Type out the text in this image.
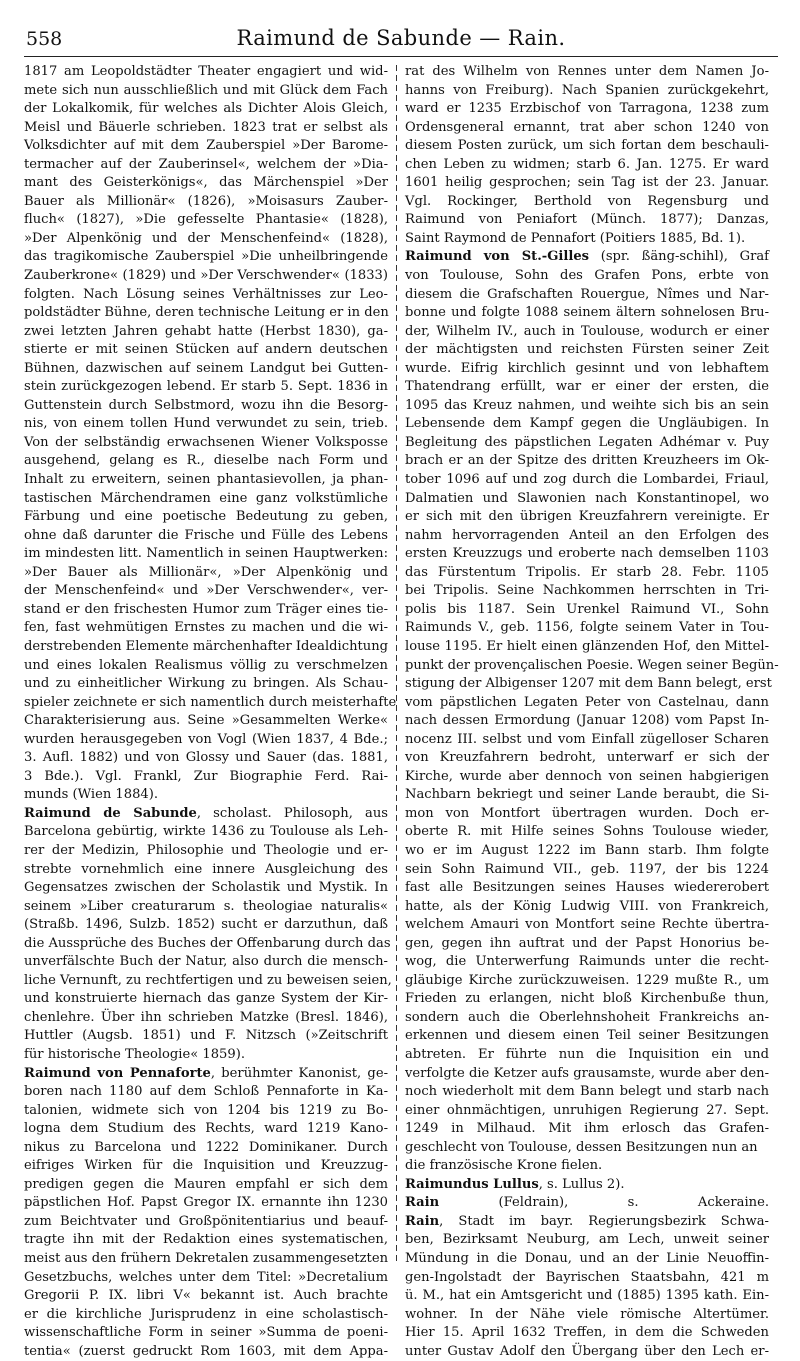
558	Raimund de Sabunde — Rain.
1817 am Leopoldstädter Theater engagiert und wid-
mete sich nun ausschließlich und mit Glück dem Fach
der Lokalkomik, für welches als Dichter Alois Gleich,
Meisl und Bäuerle schrieben. 1823 trat er selbst als
Volksdichter auf mit dem Zauberspiel »Der Barome-
termacher auf der Zauberinsel«, welchem der »Dia-
mant des Geisterkönigs«, das Märchenspiel »Der
Bauer als Millionär« (1826), »Moisasurs Zauber-
fluch« (1827), »Die gefesselte Phantasie« (1828),
»Der Alpenkönig und der Menschenfeind« (1828),
das tragikomische Zauberspiel »Die unheilbringende
Zauberkrone« (1829) und »Der Verschwender« (1833)
folgten. Nach Lösung seines Verhältnisses zur Leo-
poldstädter Bühne, deren technische Leitung er in den
zwei letzten Jahren gehabt hatte (Herbst 1830), ga-
stierte er mit seinen Stücken auf andern deutschen
Bühnen, dazwischen auf seinem Landgut bei Gutten-
stein zurückgezogen lebend. Er starb 5. Sept. 1836 in
Guttenstein durch Selbstmord, wozu ihn die Besorg-
nis, von einem tollen Hund verwundet zu sein, trieb.
Von der selbständig erwachsenen Wiener Volksposse
ausgehend, gelang es R., dieselbe nach Form und
Inhalt zu erweitern, seinen phantasievollen, ja phan-
tastischen Märchendramen eine ganz volkstümliche
Färbung und eine poetische Bedeutung zu geben,
ohne daß darunter die Frische und Fülle des Lebens
im mindesten litt. Namentlich in seinen Hauptwerken:
»Der Bauer als Millionär«, »Der Alpenkönig und
der Menschenfeind« und »Der Verschwender«, ver-
stand er den frischesten Humor zum Träger eines tie-
fen, fast wehmütigen Ernstes zu machen und die wi-
derstrebenden Elemente märchenhafter Idealdichtung
und eines lokalen Realismus völlig zu verschmelzen
und zu einheitlicher Wirkung zu bringen. Als Schau-
spieler zeichnete er sich namentlich durch meisterhafte
Charakterisierung aus. Seine »Gesammelten Werke«
wurden herausgegeben von Vogl (Wien 1837, 4 Bde.;
3. Aufl. 1882) und von Glossy und Sauer (das. 1881,
3 Bde.). Vgl. Frankl, Zur Biographie Ferd. Rai-
munds (Wien 1884).
Raimund de Sabunde, scholast. Philosoph, aus
Barcelona gebürtig, wirkte 1436 zu Toulouse als Leh-
rer der Medizin, Philosophie und Theologie und er-
strebte vornehmlich eine innere Ausgleichung des
Gegensatzes zwischen der Scholastik und Mystik. In
seinem »Liber creaturarum s. theologiae naturalis«
(Straßb. 1496, Sulzb. 1852) sucht er darzuthun, daß
die Aussprüche des Buches der Offenbarung durch das
unverfälschte Buch der Natur, also durch die mensch-
liche Vernunft, zu rechtfertigen und zu beweisen seien,
und konstruierte hiernach das ganze System der Kir-
chenlehre. Über ihn schrieben Matzke (Bresl. 1846),
Huttler (Augsb. 1851) und F. Nitzsch (»Zeitschrift
für historische Theologie« 1859).
Raimund von Pennaforte, berühmter Kanonist, ge-
boren nach 1180 auf dem Schloß Pennaforte in Ka-
talonien, widmete sich von 1204 bis 1219 zu Bo-
logna dem Studium des Rechts, ward 1219 Kano-
nikus zu Barcelona und 1222 Dominikaner. Durch
eifriges Wirken für die Inquisition und Kreuzzug-
predigen gegen die Mauren empfahl er sich dem
päpstlichen Hof. Papst Gregor IX. ernannte ihn 1230
zum Beichtvater und Großpönitentiarius und beauf-
tragte ihn mit der Redaktion eines systematischen,
meist aus den frühern Dekretalen zusammengesetzten
Gesetzbuchs, welches unter dem Titel: »Decretalium
Gregorii P. IX. libri V« bekannt ist. Auch brachte
er die kirchliche Jurisprudenz in eine scholastisch-
wissenschaftliche Form in seiner »Summa de poeni-
tentia« (zuerst gedruckt Rom 1603, mit dem Appa-
rat des Wilhelm von Rennes unter dem Namen Jo-
hanns von Freiburg). Nach Spanien zurückgekehrt,
ward er 1235 Erzbischof von Tarragona, 1238 zum
Ordensgeneral ernannt, trat aber schon 1240 von
diesem Posten zurück, um sich fortan dem beschauli-
chen Leben zu widmen; starb 6. Jan. 1275. Er ward
1601 heilig gesprochen; sein Tag ist der 23. Januar.
Vgl. Rockinger, Berthold von Regensburg und
Raimund von Peniafort (Münch. 1877); Danzas,
Saint Raymond de Pennafort (Poitiers 1885, Bd. 1).
Raimund von St.-Gilles (spr. ßäng-schihl), Graf
von Toulouse, Sohn des Grafen Pons, erbte von
diesem die Grafschaften Rouergue, Nîmes und Nar-
bonne und folgte 1088 seinem ältern sohnelosen Bru-
der, Wilhelm IV., auch in Toulouse, wodurch er einer
der mächtigsten und reichsten Fürsten seiner Zeit
wurde. Eifrig kirchlich gesinnt und von lebhaftem
Thatendrang erfüllt, war er einer der ersten, die
1095 das Kreuz nahmen, und weihte sich bis an sein
Lebensende dem Kampf gegen die Ungläubigen. In
Begleitung des päpstlichen Legaten Adhémar v. Puy
brach er an der Spitze des dritten Kreuzheers im Ok-
tober 1096 auf und zog durch die Lombardei, Friaul,
Dalmatien und Slawonien nach Konstantinopel, wo
er sich mit den übrigen Kreuzfahrern vereinigte. Er
nahm hervorragenden Anteil an den Erfolgen des
ersten Kreuzzugs und eroberte nach demselben 1103
das Fürstentum Tripolis. Er starb 28. Febr. 1105
bei Tripolis. Seine Nachkommen herrschten in Tri-
polis bis 1187. Sein Urenkel Raimund VI., Sohn
Raimunds V., geb. 1156, folgte seinem Vater in Tou-
louse 1195. Er hielt einen glänzenden Hof, den Mittel-
punkt der provençalischen Poesie. Wegen seiner Begün-
stigung der Albigenser 1207 mit dem Bann belegt, erst
vom päpstlichen Legaten Peter von Castelnau, dann
nach dessen Ermordung (Januar 1208) vom Papst In-
nocenz III. selbst und vom Einfall zügelloser Scharen
von Kreuzfahrern bedroht, unterwarf er sich der
Kirche, wurde aber dennoch von seinen habgierigen
Nachbarn bekriegt und seiner Lande beraubt, die Si-
mon von Montfort übertragen wurden. Doch er-
oberte R. mit Hilfe seines Sohns Toulouse wieder,
wo er im August 1222 im Bann starb. Ihm folgte
sein Sohn Raimund VII., geb. 1197, der bis 1224
fast alle Besitzungen seines Hauses wiedererobert
hatte, als der König Ludwig VIII. von Frankreich,
welchem Amauri von Montfort seine Rechte übertra-
gen, gegen ihn auftrat und der Papst Honorius be-
wog, die Unterwerfung Raimunds unter die recht-
gläubige Kirche zurückzuweisen. 1229 mußte R., um
Frieden zu erlangen, nicht bloß Kirchenbuße thun,
sondern auch die Oberlehnshoheit Frankreichs an-
erkennen und diesem einen Teil seiner Besitzungen
abtreten. Er führte nun die Inquisition ein und
verfolgte die Ketzer aufs grausamste, wurde aber den-
noch wiederholt mit dem Bann belegt und starb nach
einer ohnmächtigen, unruhigen Regierung 27. Sept.
1249 in Milhaud. Mit ihm erlosch das Grafen-
geschlecht von Toulouse, dessen Besitzungen nun an
die französische Krone fielen.
Raimundus Lullus, s. Lullus 2).
Rain (Feldrain), s. Ackeraine.
Rain, Stadt im bayr. Regierungsbezirk Schwa-
ben, Bezirksamt Neuburg, am Lech, unweit seiner
Mündung in die Donau, und an der Linie Neuoffin-
gen-Ingolstadt der Bayrischen Staatsbahn, 421 m
ü. M., hat ein Amtsgericht und (1885) 1395 kath. Ein-
wohner. In der Nähe viele römische Altertümer.
Hier 15. April 1632 Treffen, in dem die Schweden
unter Gustav Adolf den Übergang über den Lech er-
